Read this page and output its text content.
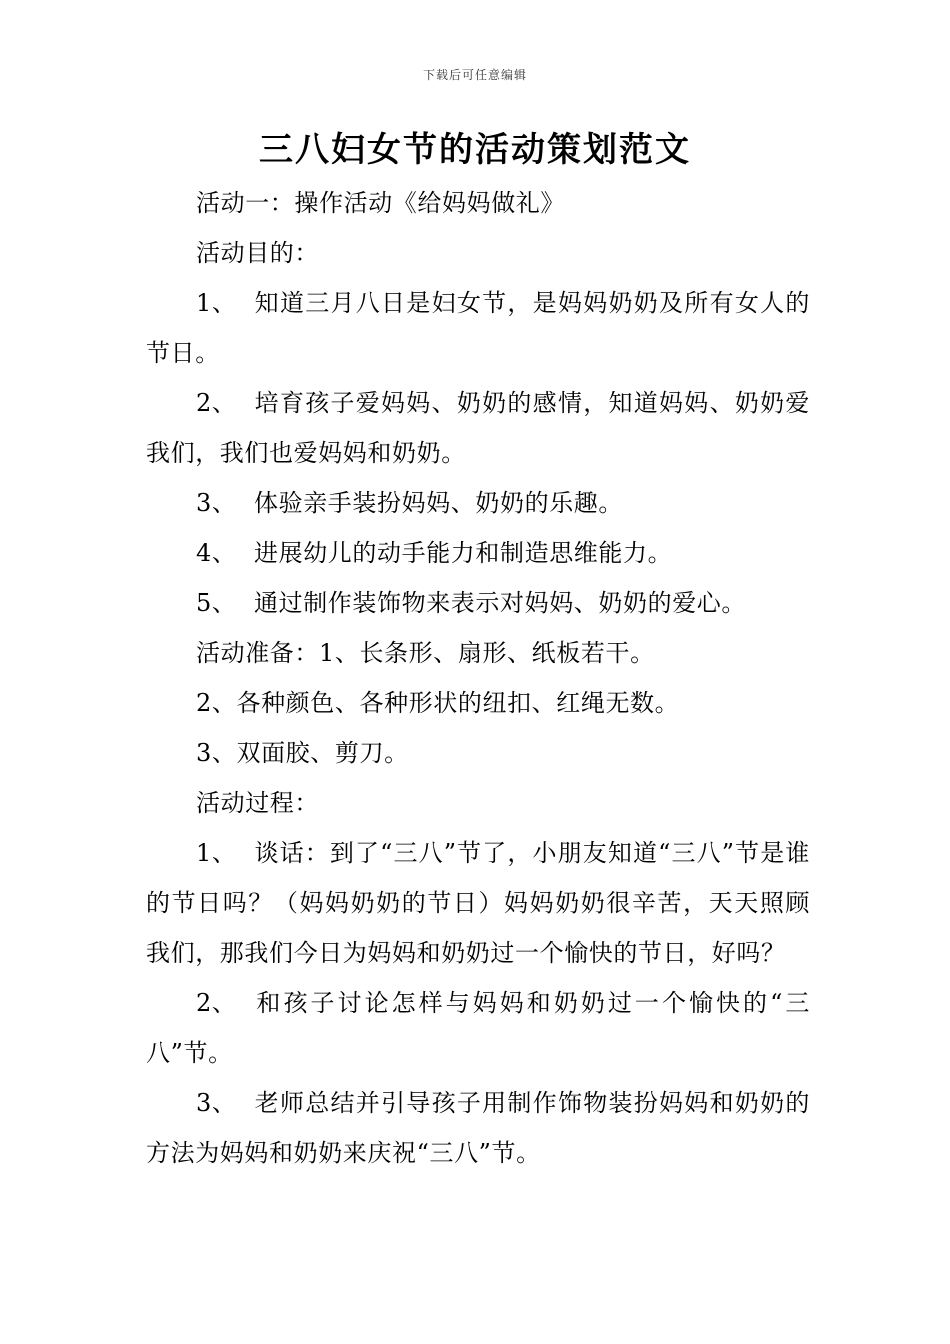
下载后可任意编辑
三八妇女节的活动策划范文

活动一：操作活动《给妈妈做礼》

活动目的：

1、 知道三月八日是妇女节，是妈妈奶奶及所有女人的节日。

2、 培育孩子爱妈妈、奶奶的感情，知道妈妈、奶奶爱我们，我们也爱妈妈和奶奶。

3、 体验亲手装扮妈妈、奶奶的乐趣。

4、 进展幼儿的动手能力和制造思维能力。

5、 通过制作装饰物来表示对妈妈、奶奶的爱心。

活动准备：1、长条形、扇形、纸板若干。

2、各种颜色、各种形状的纽扣、红绳无数。

3、双面胶、剪刀。

活动过程：

1、 谈话：到了“三八”节了，小朋友知道“三八”节是谁的节日吗？（妈妈奶奶的节日）妈妈奶奶很辛苦，天天照顾我们，那我们今日为妈妈和奶奶过一个愉快的节日，好吗？

2、 和孩子讨论怎样与妈妈和奶奶过一个愉快的“三八”节。

3、 老师总结并引导孩子用制作饰物装扮妈妈和奶奶的方法为妈妈和奶奶来庆祝“三八”节。
